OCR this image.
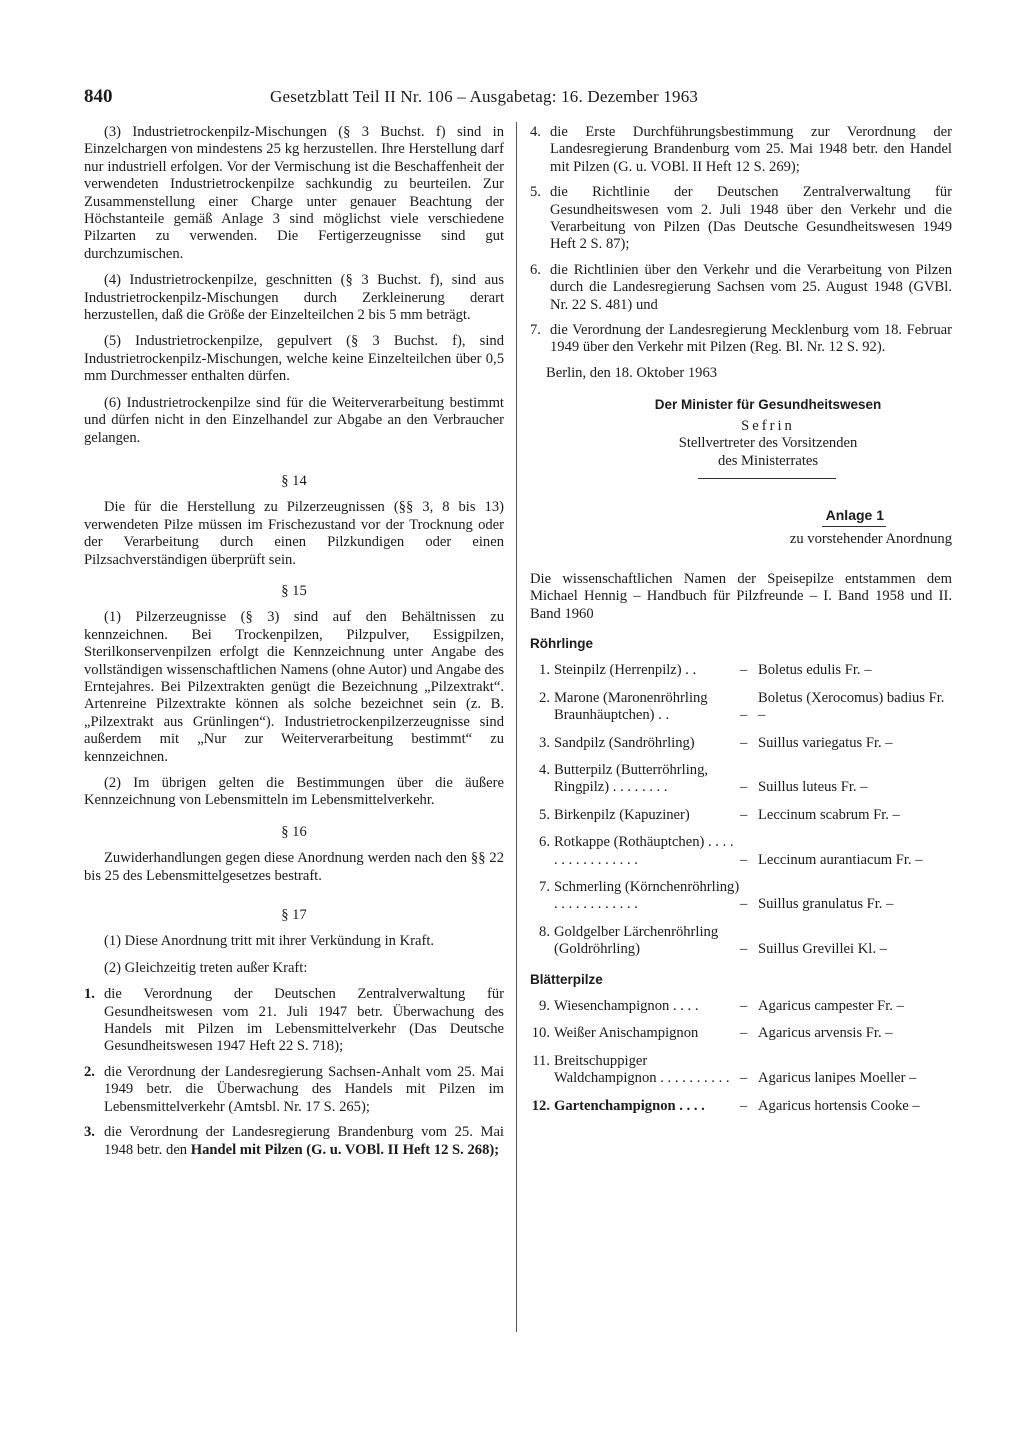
840	Gesetzblatt Teil II Nr. 106 – Ausgabetag: 16. Dezember 1963

(3) Industrietrockenpilz-Mischungen (§ 3 Buchst. f) sind in Einzelchargen von mindestens 25 kg herzustellen. Ihre Herstellung darf nur industriell erfolgen. Vor der Vermischung ist die Beschaffenheit der verwendeten Industrietrockenpilze sachkundig zu beurteilen. Zur Zusammenstellung einer Charge unter genauer Beachtung der Höchstanteile gemäß Anlage 3 sind möglichst viele verschiedene Pilzarten zu verwenden. Die Fertigerzeugnisse sind gut durchzumischen.

(4) Industrietrockenpilze, geschnitten (§ 3 Buchst. f), sind aus Industrietrockenpilz-Mischungen durch Zerkleinerung derart herzustellen, daß die Größe der Einzelteilchen 2 bis 5 mm beträgt.

(5) Industrietrockenpilze, gepulvert (§ 3 Buchst. f), sind Industrietrockenpilz-Mischungen, welche keine Einzelteilchen über 0,5 mm Durchmesser enthalten dürfen.

(6) Industrietrockenpilze sind für die Weiterverarbeitung bestimmt und dürfen nicht in den Einzelhandel zur Abgabe an den Verbraucher gelangen.

§ 14

Die für die Herstellung zu Pilzerzeugnissen (§§ 3, 8 bis 13) verwendeten Pilze müssen im Frischezustand vor der Trocknung oder der Verarbeitung durch einen Pilzkundigen oder einen Pilzsachverständigen überprüft sein.

§ 15

(1) Pilzerzeugnisse (§ 3) sind auf den Behältnissen zu kennzeichnen. Bei Trockenpilzen, Pilzpulver, Essigpilzen, Sterilkonservenpilzen erfolgt die Kennzeichnung unter Angabe des vollständigen wissenschaftlichen Namens (ohne Autor) und Angabe des Erntejahres. Bei Pilzextrakten genügt die Bezeichnung „Pilzextrakt“. Artenreine Pilzextrakte können als solche bezeichnet sein (z. B. „Pilzextrakt aus Grünlingen“). Industrietrockenpilzerzeugnisse sind außerdem mit „Nur zur Weiterverarbeitung bestimmt“ zu kennzeichnen.

(2) Im übrigen gelten die Bestimmungen über die äußere Kennzeichnung von Lebensmitteln im Lebensmittelverkehr.

§ 16

Zuwiderhandlungen gegen diese Anordnung werden nach den §§ 22 bis 25 des Lebensmittelgesetzes bestraft.

§ 17

(1) Diese Anordnung tritt mit ihrer Verkündung in Kraft.

(2) Gleichzeitig treten außer Kraft:

1. die Verordnung der Deutschen Zentralverwaltung für Gesundheitswesen vom 21. Juli 1947 betr. Überwachung des Handels mit Pilzen im Lebensmittelverkehr (Das Deutsche Gesundheitswesen 1947 Heft 22 S. 718);
2. die Verordnung der Landesregierung Sachsen-Anhalt vom 25. Mai 1949 betr. die Überwachung des Handels mit Pilzen im Lebensmittelverkehr (Amtsbl. Nr. 17 S. 265);
3. die Verordnung der Landesregierung Brandenburg vom 25. Mai 1948 betr. den Handel mit Pilzen (G. u. VOBl. II Heft 12 S. 268);
4. die Erste Durchführungsbestimmung zur Verordnung der Landesregierung Brandenburg vom 25. Mai 1948 betr. den Handel mit Pilzen (G. u. VOBl. II Heft 12 S. 269);
5. die Richtlinie der Deutschen Zentralverwaltung für Gesundheitswesen vom 2. Juli 1948 über den Verkehr und die Verarbeitung von Pilzen (Das Deutsche Gesundheitswesen 1949 Heft 2 S. 87);
6. die Richtlinien über den Verkehr und die Verarbeitung von Pilzen durch die Landesregierung Sachsen vom 25. August 1948 (GVBl. Nr. 22 S. 481) und
7. die Verordnung der Landesregierung Mecklenburg vom 18. Februar 1949 über den Verkehr mit Pilzen (Reg. Bl. Nr. 12 S. 92).

Berlin, den 18. Oktober 1963

Der Minister für Gesundheitswesen
Sefrin
Stellvertreter des Vorsitzenden
des Ministerrates
Anlage 1
zu vorstehender Anordnung

Die wissenschaftlichen Namen der Speisepilze entstammen dem Michael Hennig – Handbuch für Pilzfreunde – I. Band 1958 und II. Band 1960

Röhrlinge
1. Steinpilz (Herrenpilz) . .	– Boletus edulis Fr. –
2. Marone (Maronenröhrling Braunhäuptchen) . .	–
Boletus (Xerocomus) badius Fr. –
3. Sandpilz (Sandröhrling)	– Suillus variegatus Fr. –
4. Butterpilz (Butterröhrling, Ringpilz) . . . . . . . .	– Suillus luteus Fr. –
5. Birkenpilz (Kapuziner)	– Leccinum scabrum Fr. –
6. Rotkappe (Rothäuptchen) . . . . . . . . . . . . . . . .	– Leccinum aurantiacum Fr. –
7. Schmerling (Körnchenröhrling) . . . . . . . . . . . .	– Suillus granulatus Fr. –
8. Goldgelber Lärchenröhrling (Goldröhrling)	– Suillus Grevillei Kl. –
Blätterpilze
9. Wiesenchampignon . . . .	– Agaricus campester Fr. –
10. Weißer Anischampignon	– Agaricus arvensis Fr. –
11. Breitschuppiger Waldchampignon . . . . . . . . . . – Agaricus lanipes Moeller –
12. Gartenchampignon . . . .	– Agaricus hortensis Cooke –
